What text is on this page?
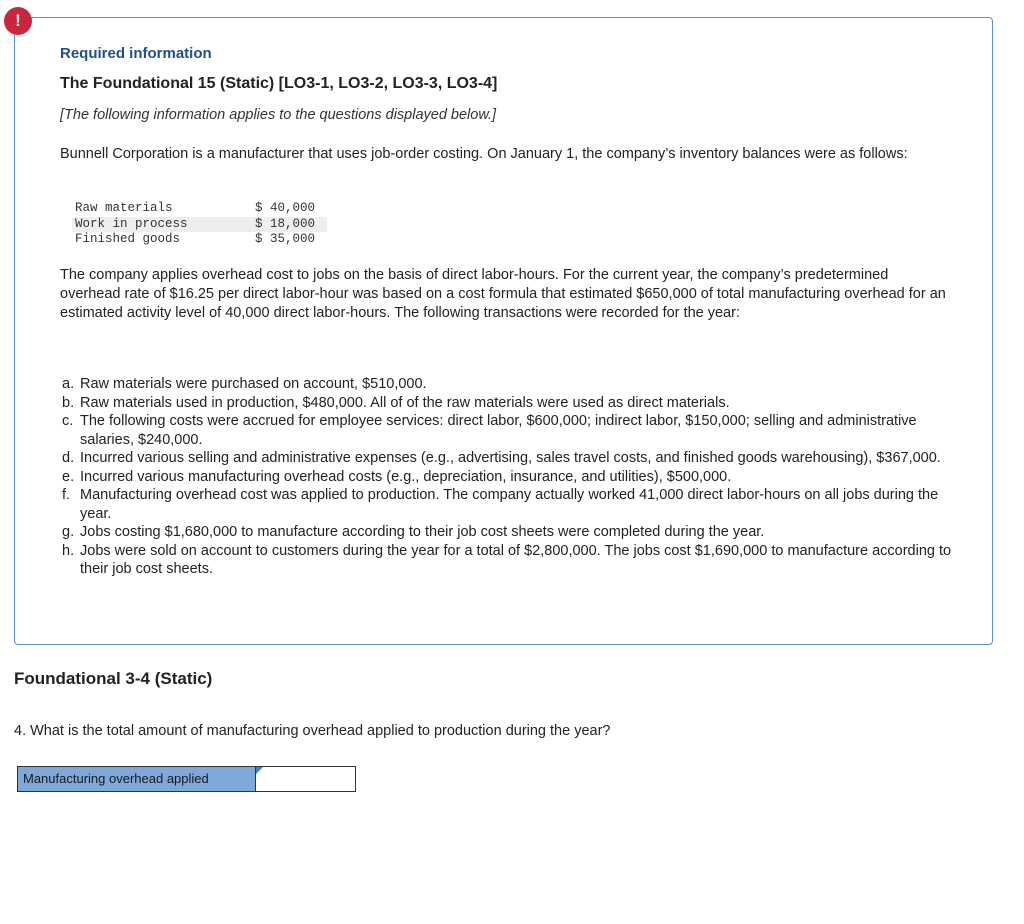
!
Required information
The Foundational 15 (Static) [LO3-1, LO3-2, LO3-3, LO3-4]
[The following information applies to the questions displayed below.]
Bunnell Corporation is a manufacturer that uses job-order costing. On January 1, the company’s inventory balances were as follows:
Raw materials	$ 40,000
Work in process	$ 18,000
Finished goods	$ 35,000
The company applies overhead cost to jobs on the basis of direct labor-hours. For the current year, the company’s predetermined overhead rate of $16.25 per direct labor-hour was based on a cost formula that estimated $650,000 of total manufacturing overhead for an estimated activity level of 40,000 direct labor-hours. The following transactions were recorded for the year:
a. Raw materials were purchased on account, $510,000.
b. Raw materials used in production, $480,000. All of of the raw materials were used as direct materials.
c. The following costs were accrued for employee services: direct labor, $600,000; indirect labor, $150,000; selling and administrative salaries, $240,000.
d. Incurred various selling and administrative expenses (e.g., advertising, sales travel costs, and finished goods warehousing), $367,000.
e. Incurred various manufacturing overhead costs (e.g., depreciation, insurance, and utilities), $500,000.
f. Manufacturing overhead cost was applied to production. The company actually worked 41,000 direct labor-hours on all jobs during the year.
g. Jobs costing $1,680,000 to manufacture according to their job cost sheets were completed during the year.
h. Jobs were sold on account to customers during the year for a total of $2,800,000. The jobs cost $1,690,000 to manufacture according to their job cost sheets.
Foundational 3-4 (Static)
4. What is the total amount of manufacturing overhead applied to production during the year?
Manufacturing overhead applied
